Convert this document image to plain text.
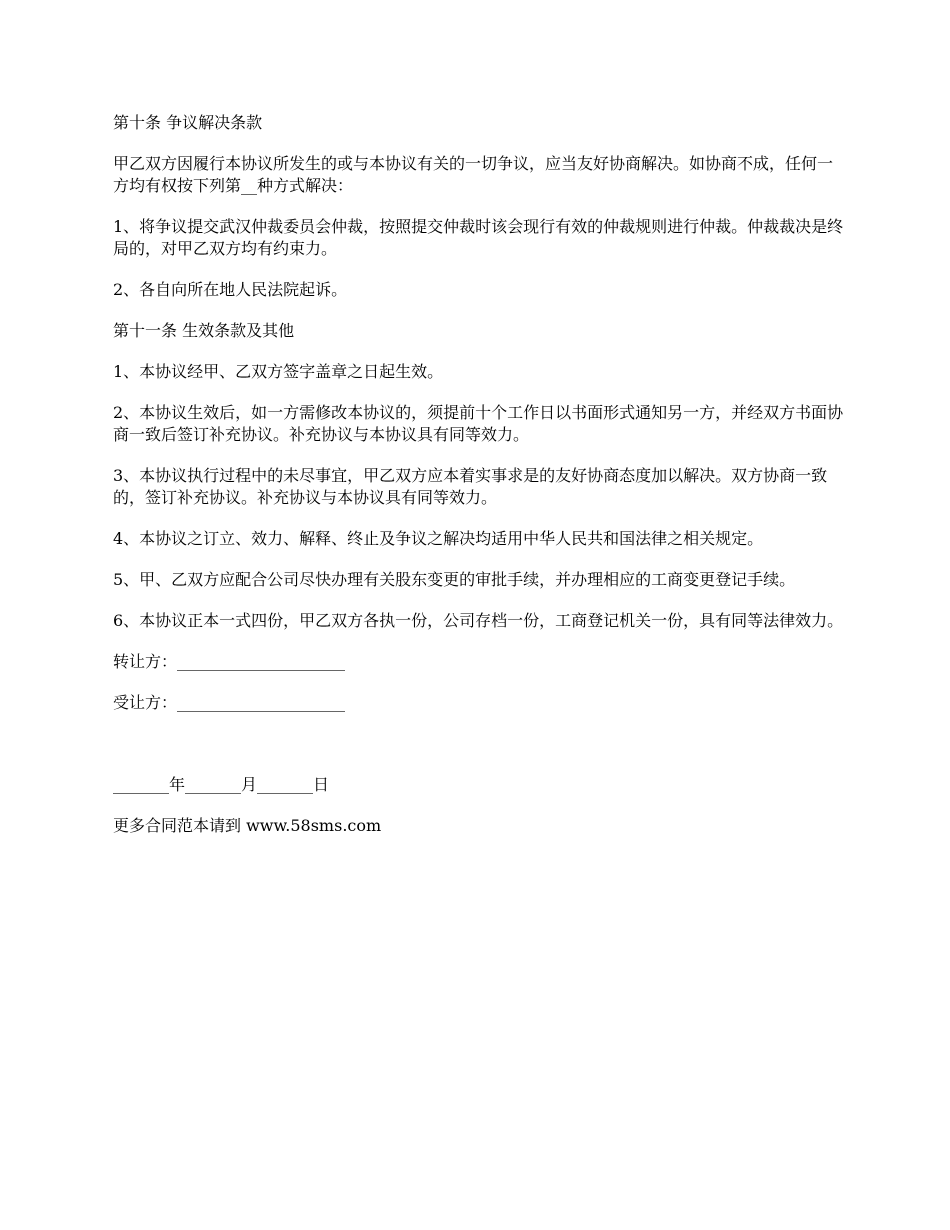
第十条 争议解决条款

甲乙双方因履行本协议所发生的或与本协议有关的一切争议，应当友好协商解决。如协商不成，任何一方均有权按下列第__种方式解决：

1、将争议提交武汉仲裁委员会仲裁，按照提交仲裁时该会现行有效的仲裁规则进行仲裁。仲裁裁决是终局的，对甲乙双方均有约束力。

2、各自向所在地人民法院起诉。

第十一条 生效条款及其他

1、本协议经甲、乙双方签字盖章之日起生效。

2、本协议生效后，如一方需修改本协议的，须提前十个工作日以书面形式通知另一方，并经双方书面协商一致后签订补充协议。补充协议与本协议具有同等效力。

3、本协议执行过程中的未尽事宜，甲乙双方应本着实事求是的友好协商态度加以解决。双方协商一致的，签订补充协议。补充协议与本协议具有同等效力。

4、本协议之订立、效力、解释、终止及争议之解决均适用中华人民共和国法律之相关规定。

5、甲、乙双方应配合公司尽快办理有关股东变更的审批手续，并办理相应的工商变更登记手续。

6、本协议正本一式四份，甲乙双方各执一份，公司存档一份，工商登记机关一份，具有同等法律效力。

转让方：_____________________

受让方：_____________________

_______年_______月_______日

更多合同范本请到 www.58sms.com
